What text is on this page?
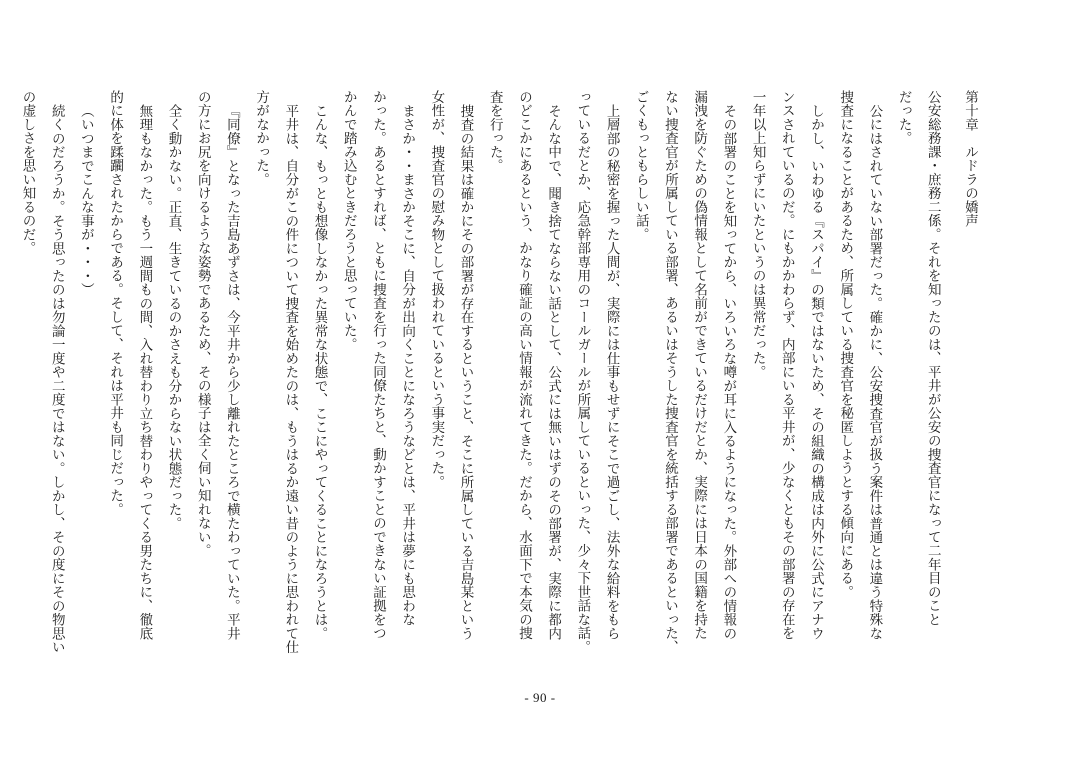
第十章　ルドラの嬌声
公安総務課・庶務二係。それを知ったのは、平井が公安の捜査官になって二年目のこと
だった。
公にはされていない部署だった。確かに、公安捜査官が扱う案件は普通とは違う特殊な
捜査になることがあるため、所属している捜査官を秘匿しようとする傾向にある。
しかし、いわゆる『スパイ』の類ではないため、その組織の構成は内外に公式にアナウ
ンスされているのだ。にもかかわらず、内部にいる平井が、少なくともその部署の存在を
一年以上知らずにいたというのは異常だった。
その部署のことを知ってから、いろいろな噂が耳に入るようになった。外部への情報の
漏洩を防ぐための偽情報として名前ができているだけだとか、実際には日本の国籍を持た
ない捜査官が所属している部署、あるいはそうした捜査官を統括する部署であるといった、
ごくもっともらしい話。
上層部の秘密を握った人間が、実際には仕事もせずにそこで過ごし、法外な給料をもら
っているだとか、応急幹部専用のコールガールが所属しているといった、少々下世話な話。
そんな中で、聞き捨てならない話として、公式には無いはずのその部署が、実際に都内
のどこかにあるという、かなり確証の高い情報が流れてきた。だから、水面下で本気の捜
査を行った。
捜査の結果は確かにその部署が存在するということ、そこに所属している吉島某という
女性が、捜査官の慰み物として扱われているという事実だった。
まさか・・まさかそこに、自分が出向くことになろうなどとは、平井は夢にも思わな
かった。あるとすれば、ともに捜査を行った同僚たちと、動かすことのできない証拠をつ
かんで踏み込むときだろうと思っていた。
こんな、もっとも想像しなかった異常な状態で、ここにやってくることになろうとは。
平井は、自分がこの件について捜査を始めたのは、もうはるか遠い昔のように思われて仕
方がなかった。
『同僚』となった吉島あずさは、今平井から少し離れたところで横たわっていた。平井
の方にお尻を向けるような姿勢であるため、その様子は全く伺い知れない。
全く動かない。正直、生きているのかさえも分からない状態だった。
無理もなかった。もう一週間もの間、入れ替わり立ち替わりやってくる男たちに、徹底
的に体を蹂躙されたからである。そして、それは平井も同じだった。
（いつまでこんな事が・・・）
続くのだろうか。そう思ったのは勿論一度や二度ではない。しかし、その度にその物思い
の虚しさを思い知るのだ。
- 90 -
